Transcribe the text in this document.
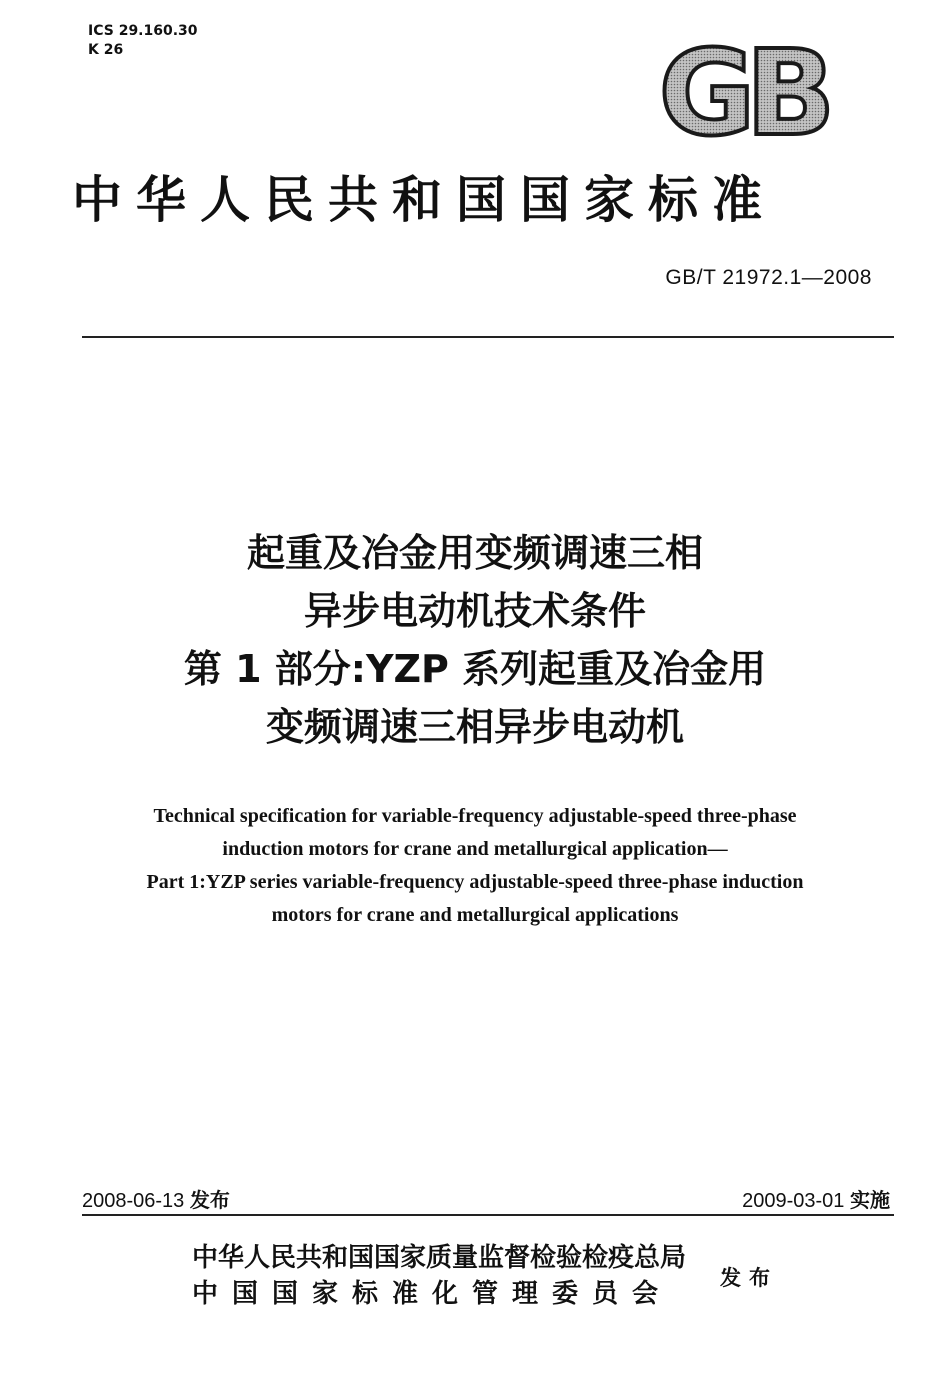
ICS 29.160.30
K 26	GB
中华人民共和国国家标准
GB/T 21972.1—2008
起重及冶金用变频调速三相
异步电动机技术条件
第 1 部分:YZP 系列起重及冶金用
变频调速三相异步电动机
Technical specification for variable-frequency adjustable-speed three-phase
induction motors for crane and metallurgical application—
Part 1:YZP series variable-frequency adjustable-speed three-phase induction
motors for crane and metallurgical applications
2008-06-13 发布	2009-03-01 实施
中华人民共和国国家质量监督检验检疫总局
中国国家标准化管理委员会
发布
